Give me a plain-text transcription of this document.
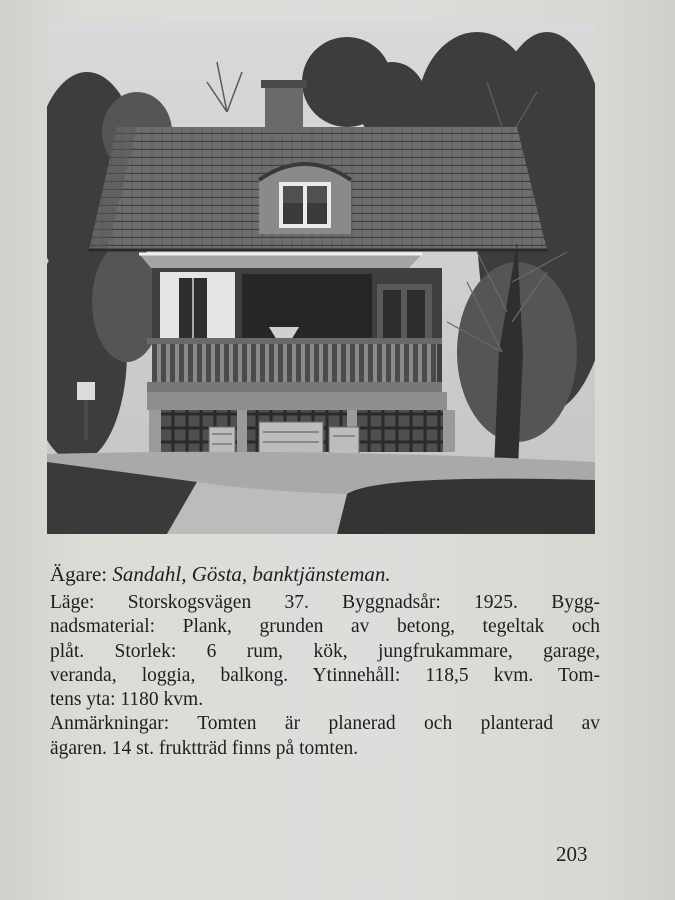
Ägare: Sandahl, Gösta, banktjänsteman.
Läge: Storskogsvägen 37. Byggnadsår: 1925. Bygg-
nadsmaterial: Plank, grunden av betong, tegeltak och
plåt. Storlek: 6 rum, kök, jungfrukammare, garage,
veranda, loggia, balkong. Ytinnehåll: 118,5 kvm. Tom-
tens yta: 1180 kvm.
Anmärkningar: Tomten är planerad och planterad av
ägaren. 14 st. fruktträd finns på tomten.
203
